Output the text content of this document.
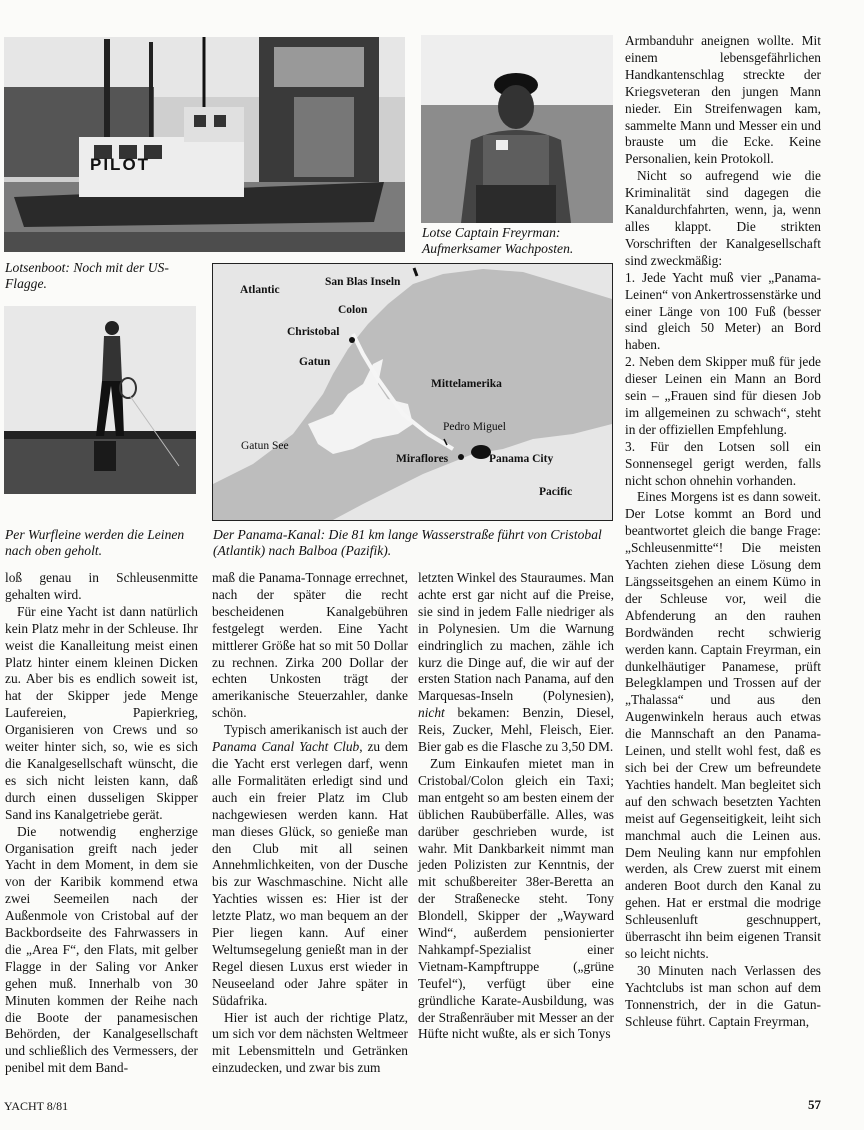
PILOT
Lotse Captain Freyrman: Aufmerksamer Wachposten.
Lotsenboot: Noch mit der US-Flagge.
Per Wurfleine werden die Leinen nach oben geholt.
Atlantic
San Blas Inseln
Colon
Christobal
Gatun
Mittelamerika
Gatun See
Pedro Miguel
Miraflores	Panama City
Pacific
Der Panama-Kanal: Die 81 km lange Wasserstraße führt von Cristobal (Atlantik) nach Balboa (Pazifik).

Armbanduhr aneignen wollte. Mit einem lebensgefährlichen Handkantenschlag streckte der Kriegsveteran den jungen Mann nieder. Ein Streifenwagen kam, sammelte Mann und Messer ein und brauste um die Ecke. Keine Personalien, kein Protokoll.

Nicht so aufregend wie die Kriminalität sind dagegen die Kanaldurchfahrten, wenn, ja, wenn alles klappt. Die strikten Vorschriften der Kanalgesellschaft sind zweckmäßig:

1. Jede Yacht muß vier „Panama-Leinen“ von Ankertrossenstärke und einer Länge von 100 Fuß (besser sind gleich 50 Meter) an Bord haben.

2. Neben dem Skipper muß für jede dieser Leinen ein Mann an Bord sein – „Frauen sind für diesen Job im allgemeinen zu schwach“, steht in der offiziellen Empfehlung.

3. Für den Lotsen soll ein Sonnensegel gerigt werden, falls nicht schon ohnehin vorhanden.

Eines Morgens ist es dann soweit. Der Lotse kommt an Bord und beantwortet gleich die bange Frage: „Schleusenmitte“! Die meisten Yachten ziehen diese Lösung dem Längsseitsgehen an einem Kümo in der Schleuse vor, weil die Abfenderung an den rauhen Bordwänden recht schwierig werden kann. Captain Freyrman, ein dunkelhäutiger Panamese, prüft Belegklampen und Trossen auf der „Thalassa“ und aus den Augenwinkeln heraus auch etwas die Mannschaft an den Panama-Leinen, und stellt wohl fest, daß es sich bei der Crew um befreundete Yachties handelt. Man begleitet sich auf den schwach besetzten Yachten meist auf Gegenseitigkeit, leiht sich manchmal auch die Leinen aus. Dem Neuling kann nur empfohlen werden, als Crew zuerst mit einem anderen Boot durch den Kanal zu gehen. Hat er erstmal die modrige Schleusenluft geschnuppert, überrascht ihn beim eigenen Transit so leicht nichts.

30 Minuten nach Verlassen des Yachtclubs ist man schon auf dem Tonnenstrich, der in die Gatun-Schleuse führt. Captain Freyrman,

loß genau in Schleusenmitte gehalten wird.

Für eine Yacht ist dann natürlich kein Platz mehr in der Schleuse. Ihr weist die Kanalleitung meist einen Platz hinter einem kleinen Dicken zu. Aber bis es endlich soweit ist, hat der Skipper jede Menge Laufereien, Papierkrieg, Organisieren von Crews und so weiter hinter sich, so, wie es sich die Kanalgesellschaft wünscht, die es sich nicht leisten kann, daß durch einen dusseligen Skipper Sand ins Kanalgetriebe gerät.

Die notwendig engherzige Organisation greift nach jeder Yacht in dem Moment, in dem sie von der Karibik kommend etwa zwei Seemeilen nach der Außenmole von Cristobal auf der Backbordseite des Fahrwassers in die „Area F“, den Flats, mit gelber Flagge in der Saling vor Anker gehen muß. Innerhalb von 30 Minuten kommen der Reihe nach die Boote der panamesischen Behörden, der Kanalgesellschaft und schließlich des Vermessers, der penibel mit dem Band-

maß die Panama-Tonnage errechnet, nach der später die recht bescheidenen Kanalgebühren festgelegt werden. Eine Yacht mittlerer Größe hat so mit 50 Dollar zu rechnen. Zirka 200 Dollar der echten Unkosten trägt der amerikanische Steuerzahler, danke schön.

Typisch amerikanisch ist auch der Panama Canal Yacht Club, zu dem die Yacht erst verlegen darf, wenn alle Formalitäten erledigt sind und auch ein freier Platz im Club nachgewiesen werden kann. Hat man dieses Glück, so genieße man den Club mit all seinen Annehmlichkeiten, von der Dusche bis zur Waschmaschine. Nicht alle Yachties wissen es: Hier ist der letzte Platz, wo man bequem an der Pier liegen kann. Auf einer Weltumsegelung genießt man in der Regel diesen Luxus erst wieder in Neuseeland oder Jahre später in Südafrika.

Hier ist auch der richtige Platz, um sich vor dem nächsten Weltmeer mit Lebensmitteln und Getränken einzudecken, und zwar bis zum

letzten Winkel des Stauraumes. Man achte erst gar nicht auf die Preise, sie sind in jedem Falle niedriger als in Polynesien. Um die Warnung eindringlich zu machen, zähle ich kurz die Dinge auf, die wir auf der ersten Station nach Panama, auf den Marquesas-Inseln (Polynesien), nicht bekamen: Benzin, Diesel, Reis, Zucker, Mehl, Fleisch, Eier. Bier gab es die Flasche zu 3,50 DM.

Zum Einkaufen mietet man in Cristobal/Colon gleich ein Taxi; man entgeht so am besten einem der üblichen Raubüberfälle. Alles, was darüber geschrieben wurde, ist wahr. Mit Dankbarkeit nimmt man jeden Polizisten zur Kenntnis, der mit schußbereiter 38er-Beretta an der Straßenecke steht. Tony Blondell, Skipper der „Wayward Wind“, außerdem pensionierter Nahkampf-Spezialist einer Vietnam-Kampftruppe („grüne Teufel“), verfügt über eine gründliche Karate-Ausbildung, was der Straßenräuber mit Messer an der Hüfte nicht wußte, als er sich Tonys

YACHT 8/81	57
